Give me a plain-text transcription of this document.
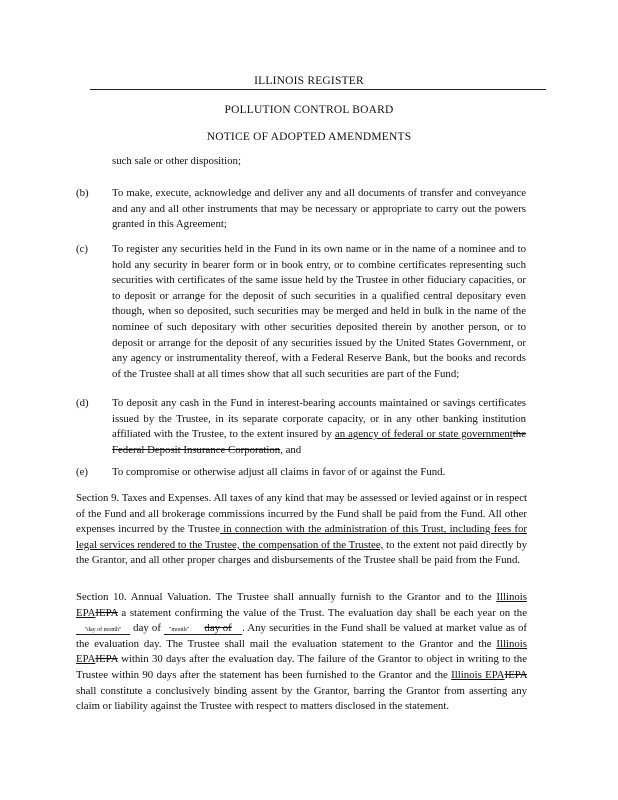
ILLINOIS REGISTER
POLLUTION CONTROL BOARD
NOTICE OF ADOPTED AMENDMENTS
such sale or other disposition;
(b)	To make, execute, acknowledge and deliver any and all documents of transfer and conveyance and any and all other instruments that may be necessary or appropriate to carry out the powers granted in this Agreement;
(c)	To register any securities held in the Fund in its own name or in the name of a nominee and to hold any security in bearer form or in book entry, or to combine certificates representing such securities with certificates of the same issue held by the Trustee in other fiduciary capacities, or to deposit or arrange for the deposit of such securities in a qualified central depositary even though, when so deposited, such securities may be merged and held in bulk in the name of the nominee of such depositary with other securities deposited therein by another person, or to deposit or arrange for the deposit of any securities issued by the United States Government, or any agency or instrumentality thereof, with a Federal Reserve Bank, but the books and records of the Trustee shall at all times show that all such securities are part of the Fund;
(d)	To deposit any cash in the Fund in interest-bearing accounts maintained or savings certificates issued by the Trustee, in its separate corporate capacity, or in any other banking institution affiliated with the Trustee, to the extent insured by an agency of federal or state governmentthe Federal Deposit Insurance Corporation, and
(e)	To compromise or otherwise adjust all claims in favor of or against the Fund.
Section 9. Taxes and Expenses. All taxes of any kind that may be assessed or levied against or in respect of the Fund and all brokerage commissions incurred by the Fund shall be paid from the Fund. All other expenses incurred by the Trustee in connection with the administration of this Trust, including fees for legal services rendered to the Trustee, the compensation of the Trustee, to the extent not paid directly by the Grantor, and all other proper charges and disbursements of the Trustee shall be paid from the Fund.
Section 10. Annual Valuation. The Trustee shall annually furnish to the Grantor and to the Illinois EPAIEPA a statement confirming the value of the Trust. The evaluation day shall be each year on the "day of month" day of "month" day of . Any securities in the Fund shall be valued at market value as of the evaluation day. The Trustee shall mail the evaluation statement to the Grantor and the Illinois EPAIEPA within 30 days after the evaluation day. The failure of the Grantor to object in writing to the Trustee within 90 days after the statement has been furnished to the Grantor and the Illinois EPAIEPA shall constitute a conclusively binding assent by the Grantor, barring the Grantor from asserting any claim or liability against the Trustee with respect to matters disclosed in the statement.
